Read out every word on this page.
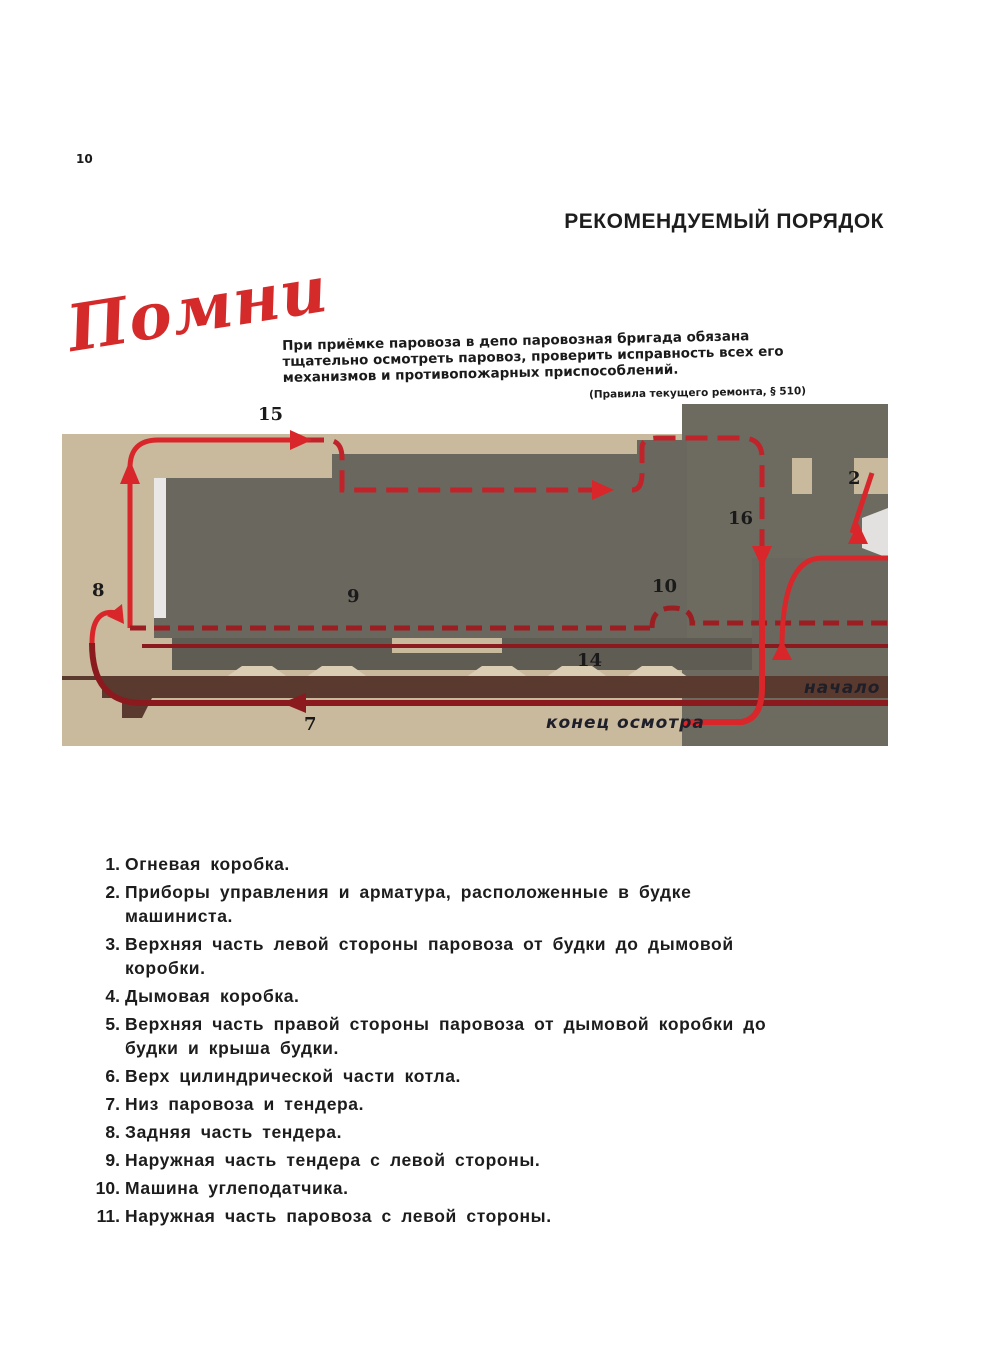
10
РЕКОМЕНДУЕМЫЙ ПОРЯДОК
Помни
При приёмке паровоза в депо паровозная бригада обязана тщательно осмотреть паровоз, проверить исправность всех его механизмов и противопожарных приспособлений.
(Правила текущего ремонта, § 510)
15
2
16
8	9	10
14
7
начало
конец осмотра
1. Огневая коробка.
2. Приборы управления и арматура, расположенные в будке машиниста.
3. Верхняя часть левой стороны паровоза от будки до дымовой коробки.
4. Дымовая коробка.
5. Верхняя часть правой стороны паровоза от дымовой коробки до будки и крыша будки.
6. Верх цилиндрической части котла.
7. Низ паровоза и тендера.
8. Задняя часть тендера.
9. Наружная часть тендера с левой стороны.
10. Машина углеподатчика.
11. Наружная часть паровоза с левой стороны.
